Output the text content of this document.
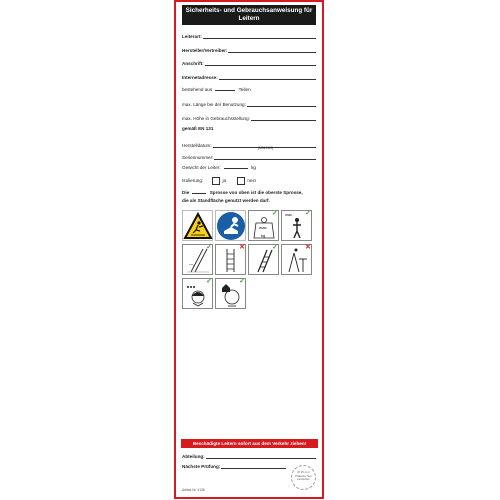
Sicherheits- und Gebrauchsanweisung für Leitern
Leiterart:
Hersteller/Vertreiber:
Anschrift:
Internetadresse:
bestehend aus	Teilen
max. Länge bei der Benutzung:
max. Höhe in Gebrauchsstellung:
gemäß EN 131
Herstelldatum:	(MM/JJJJ)
Seriennummer:
Gewicht der Leiter:	kg
Isolierung:	ja	nein
Die	Sprosse von oben ist die oberste Sprosse,
die als Standfläche genutzt werden darf.
max.
kg
✓ max. ✓
✓	✕	✓	✕
✓	✓
Beschädigte Leitern sofort aus dem Verkehr ziehen!
Abteilung:
Nächste Prüfung:
Ø 15 mm Plakette hier einkleben
Artikel-Nr. 4138
